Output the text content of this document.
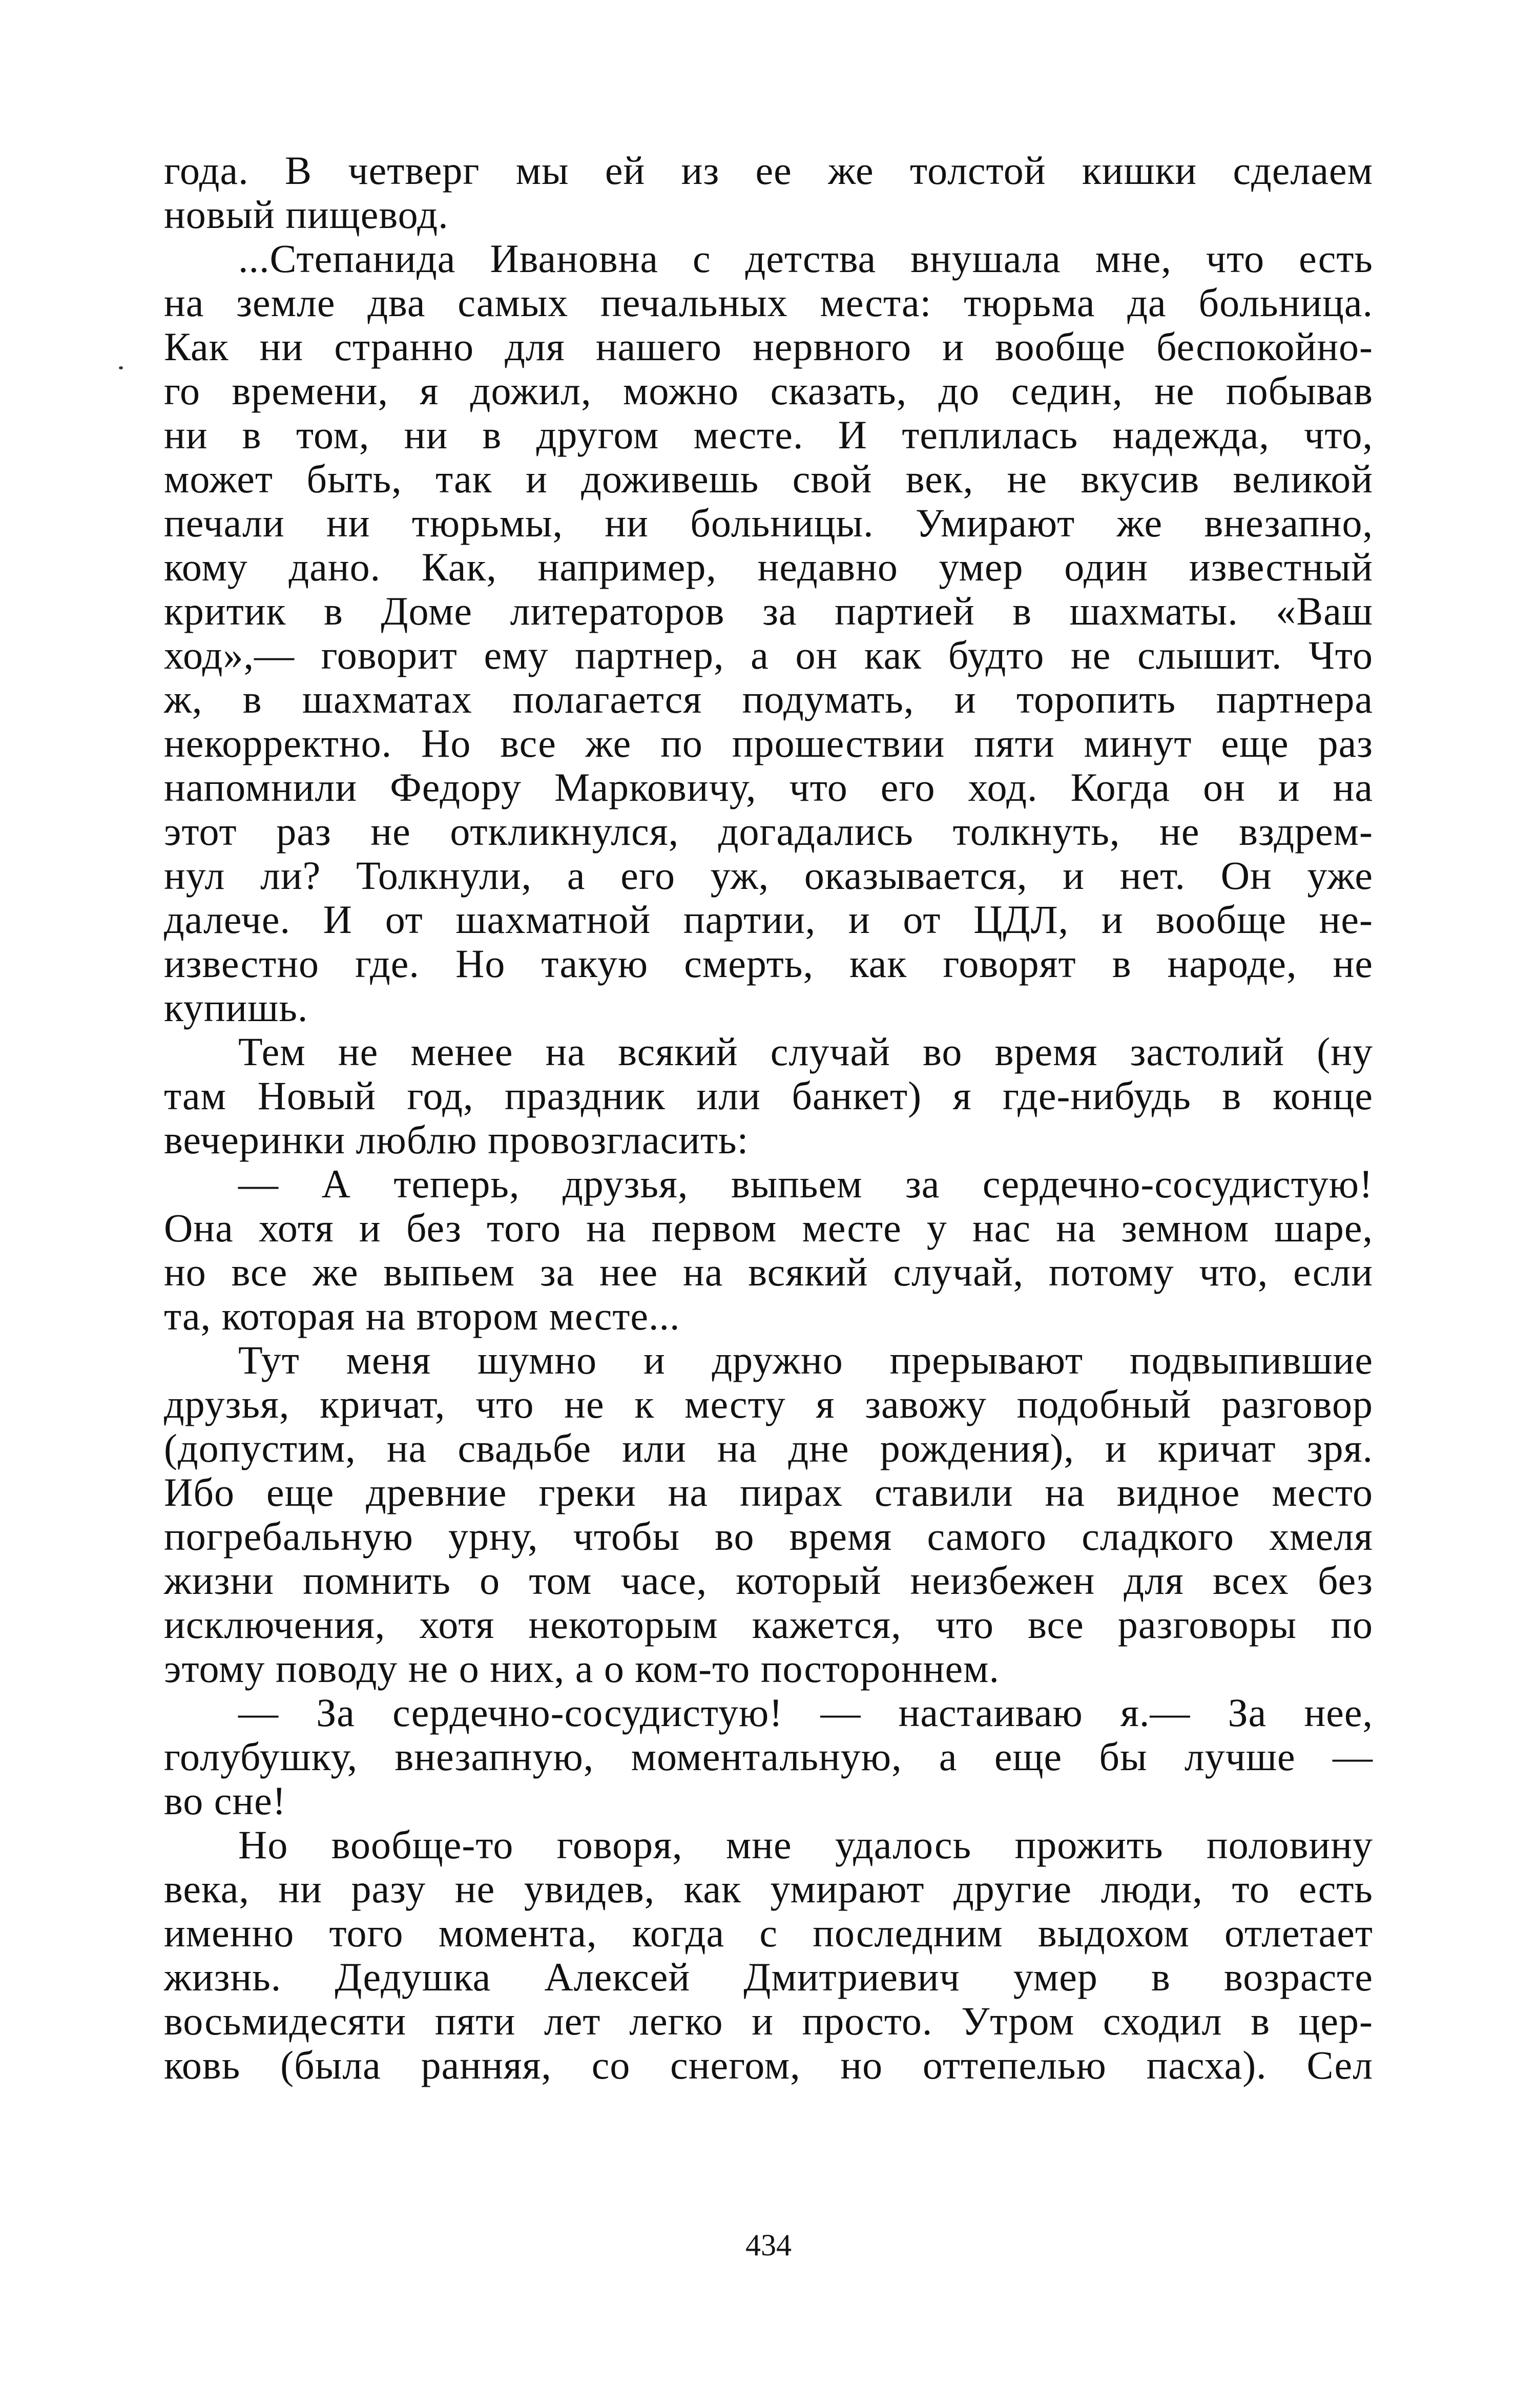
года. В четверг мы ей из ее же толстой кишки сделаем
новый пищевод.
...Степанида Ивановна с детства внушала мне, что есть
на земле два самых печальных места: тюрьма да больница.
Как ни странно для нашего нервного и вообще беспокойно-
го времени, я дожил, можно сказать, до седин, не побывав
ни в том, ни в другом месте. И теплилась надежда, что,
может быть, так и доживешь свой век, не вкусив великой
печали ни тюрьмы, ни больницы. Умирают же внезапно,
кому дано. Как, например, недавно умер один известный
критик в Доме литераторов за партией в шахматы. «Ваш
ход»,— говорит ему партнер, а он как будто не слышит. Что
ж, в шахматах полагается подумать, и торопить партнера
некорректно. Но все же по прошествии пяти минут еще раз
напомнили Федору Марковичу, что его ход. Когда он и на
этот раз не откликнулся, догадались толкнуть, не вздрем-
нул ли? Толкнули, а его уж, оказывается, и нет. Он уже
далече. И от шахматной партии, и от ЦДЛ, и вообще не-
известно где. Но такую смерть, как говорят в народе, не
купишь.
Тем не менее на всякий случай во время застолий (ну
там Новый год, праздник или банкет) я где-нибудь в конце
вечеринки люблю провозгласить:
— А теперь, друзья, выпьем за сердечно-сосудистую!
Она хотя и без того на первом месте у нас на земном шаре,
но все же выпьем за нее на всякий случай, потому что, если
та, которая на втором месте...
Тут меня шумно и дружно прерывают подвыпившие
друзья, кричат, что не к месту я завожу подобный разговор
(допустим, на свадьбе или на дне рождения), и кричат зря.
Ибо еще древние греки на пирах ставили на видное место
погребальную урну, чтобы во время самого сладкого хмеля
жизни помнить о том часе, который неизбежен для всех без
исключения, хотя некоторым кажется, что все разговоры по
этому поводу не о них, а о ком-то постороннем.
— За сердечно-сосудистую! — настаиваю я.— За нее,
голубушку, внезапную, моментальную, а еще бы лучше —
во сне!
Но вообще-то говоря, мне удалось прожить половину
века, ни разу не увидев, как умирают другие люди, то есть
именно того момента, когда с последним выдохом отлетает
жизнь. Дедушка Алексей Дмитриевич умер в возрасте
восьмидесяти пяти лет легко и просто. Утром сходил в цер-
ковь (была ранняя, со снегом, но оттепелью пасха). Сел
434
